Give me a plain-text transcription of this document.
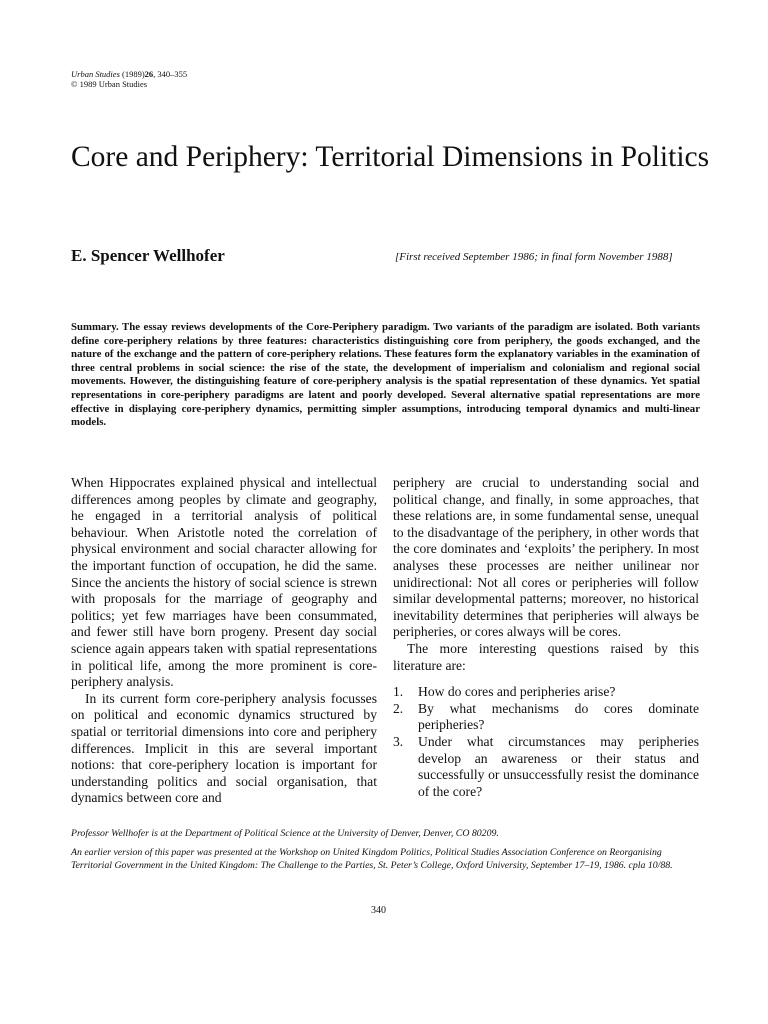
Urban Studies (1989)26, 340–355
© 1989 Urban Studies
Core and Periphery: Territorial Dimensions in Politics
E. Spencer Wellhofer	[First received September 1986; in final form November 1988]
Summary. The essay reviews developments of the Core-Periphery paradigm. Two variants of the paradigm are isolated. Both variants define core-periphery relations by three features: characteristics distinguishing core from periphery, the goods exchanged, and the nature of the exchange and the pattern of core-periphery relations. These features form the explanatory variables in the examination of three central problems in social science: the rise of the state, the development of imperialism and colonialism and regional social movements. However, the distinguishing feature of core-periphery analysis is the spatial representation of these dynamics. Yet spatial representations in core-periphery paradigms are latent and poorly developed. Several alternative spatial representations are more effective in displaying core-periphery dynamics, permitting simpler assumptions, introducing temporal dynamics and multi-linear models.

When Hippocrates explained physical and intellectual differences among peoples by climate and geography, he engaged in a territorial analysis of political behaviour. When Aristotle noted the correlation of physical environment and social character allowing for the important function of occupation, he did the same. Since the ancients the history of social science is strewn with proposals for the marriage of geography and politics; yet few marriages have been consummated, and fewer still have born progeny. Present day social science again appears taken with spatial representations in political life, among the more prominent is core-periphery analysis.

In its current form core-periphery analysis focusses on political and economic dynamics structured by spatial or territorial dimensions into core and periphery differences. Implicit in this are several important notions: that core-periphery location is important for understanding politics and social organisation, that dynamics between core and

periphery are crucial to understanding social and political change, and finally, in some approaches, that these relations are, in some fundamental sense, unequal to the disadvantage of the periphery, in other words that the core dominates and ‘exploits’ the periphery. In most analyses these processes are neither unilinear nor unidirectional: Not all cores or peripheries will follow similar developmental patterns; moreover, no historical inevitability determines that peripheries will always be peripheries, or cores always will be cores.

The more interesting questions raised by this literature are:

1.	How do cores and peripheries arise?
2.	By what mechanisms do cores dominate peripheries?
3.	Under what circumstances may peripheries develop an awareness or their status and successfully or unsuccessfully resist the dominance of the core?

Professor Wellhofer is at the Department of Political Science at the University of Denver, Denver, CO 80209.

An earlier version of this paper was presented at the Workshop on United Kingdom Politics, Political Studies Association Conference on Reorganising Territorial Government in the United Kingdom: The Challenge to the Parties, St. Peter’s College, Oxford University, September 17–19, 1986. cpla 10/88.

340
